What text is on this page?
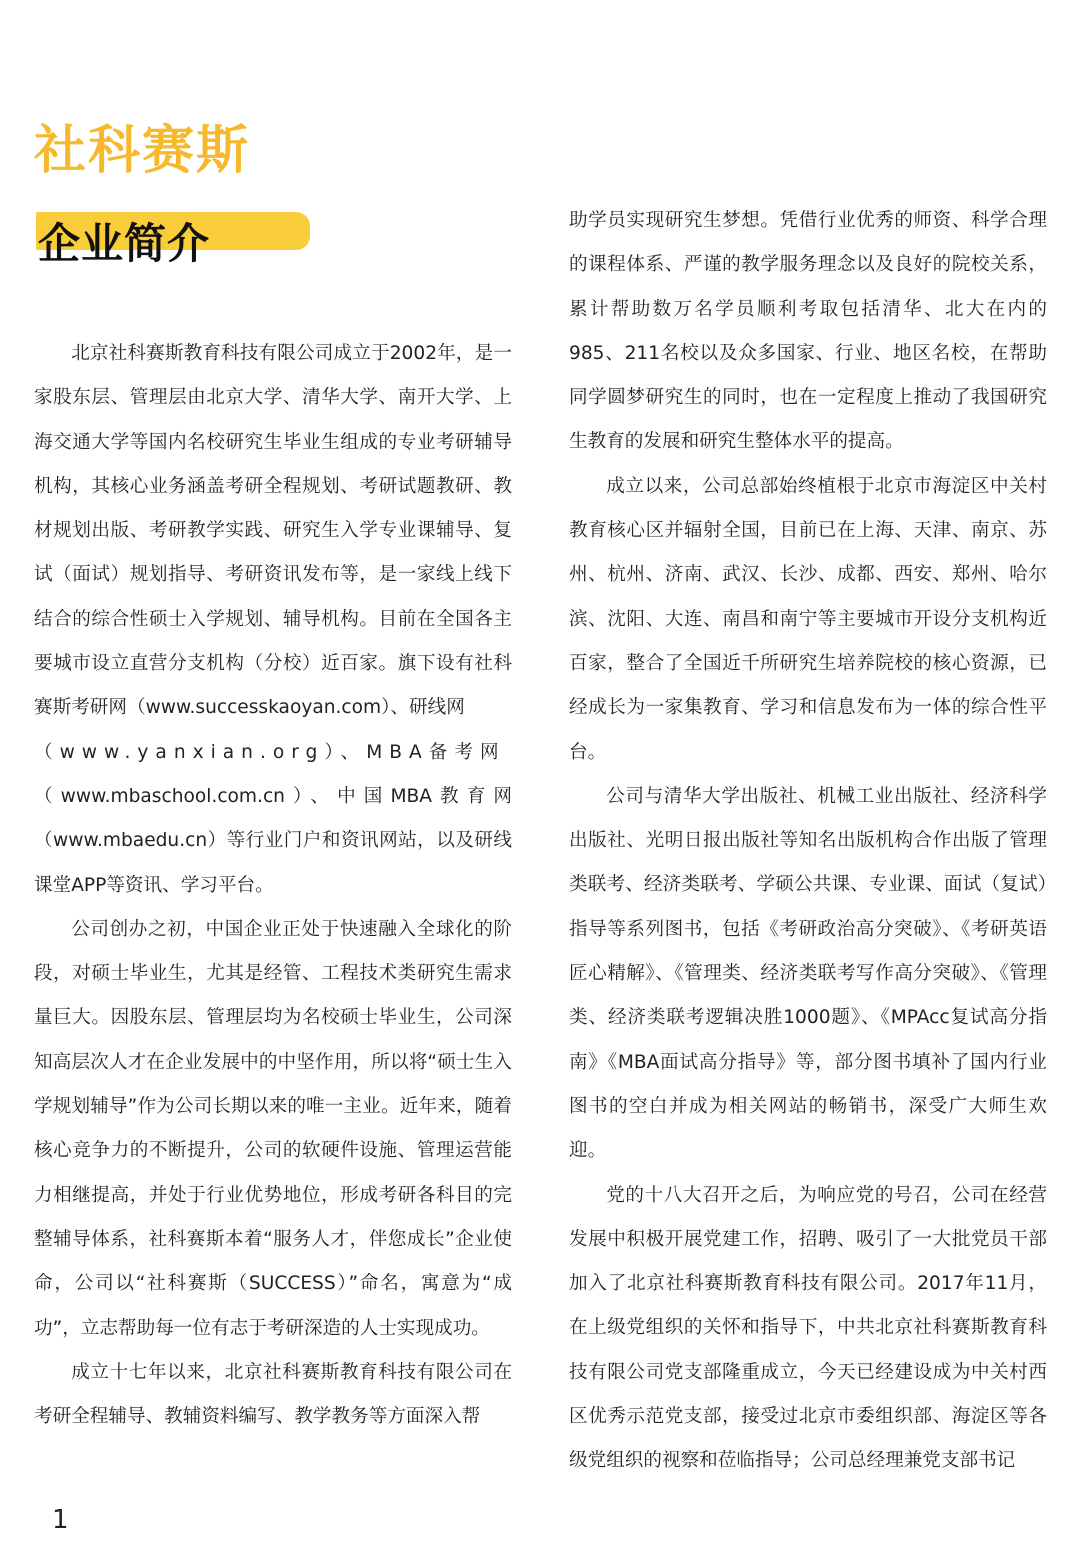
社科赛斯
企业简介

北京社科赛斯教育科技有限公司成立于2002年，是一家股东层、管理层由北京大学、清华大学、南开大学、上海交通大学等国内名校研究生毕业生组成的专业考研辅导机构，其核心业务涵盖考研全程规划、考研试题教研、教材规划出版、考研教学实践、研究生入学专业课辅导、复试（面试）规划指导、考研资讯发布等，是一家线上线下结合的综合性硕士入学规划、辅导机构。目前在全国各主要城市设立直营分支机构（分校）近百家。旗下设有社科赛斯考研网（www.successkaoyan.com）、研线网

（www.yanxian.org）、MBA备考网

（www.mbaschool.com.cn）、中国MBA教育网（www.mbaedu.cn）等行业门户和资讯网站，以及研线课堂APP等资讯、学习平台。

公司创办之初，中国企业正处于快速融入全球化的阶段，对硕士毕业生，尤其是经管、工程技术类研究生需求量巨大。因股东层、管理层均为名校硕士毕业生，公司深知高层次人才在企业发展中的中坚作用，所以将“硕士生入学规划辅导”作为公司长期以来的唯一主业。近年来，随着核心竞争力的不断提升，公司的软硬件设施、管理运营能力相继提高，并处于行业优势地位，形成考研各科目的完整辅导体系，社科赛斯本着“服务人才，伴您成长”企业使命，公司以“社科赛斯（SUCCESS）”命名，寓意为“成功”，立志帮助每一位有志于考研深造的人士实现成功。

成立十七年以来，北京社科赛斯教育科技有限公司在考研全程辅导、教辅资料编写、教学教务等方面深入帮

助学员实现研究生梦想。凭借行业优秀的师资、科学合理的课程体系、严谨的教学服务理念以及良好的院校关系，累计帮助数万名学员顺利考取包括清华、北大在内的985、211名校以及众多国家、行业、地区名校，在帮助同学圆梦研究生的同时，也在一定程度上推动了我国研究生教育的发展和研究生整体水平的提高。

成立以来，公司总部始终植根于北京市海淀区中关村教育核心区并辐射全国，目前已在上海、天津、南京、苏州、杭州、济南、武汉、长沙、成都、西安、郑州、哈尔滨、沈阳、大连、南昌和南宁等主要城市开设分支机构近百家，整合了全国近千所研究生培养院校的核心资源，已经成长为一家集教育、学习和信息发布为一体的综合性平台。

公司与清华大学出版社、机械工业出版社、经济科学出版社、光明日报出版社等知名出版机构合作出版了管理类联考、经济类联考、学硕公共课、专业课、面试（复试）指导等系列图书，包括《考研政治高分突破》、《考研英语匠心精解》、《管理类、经济类联考写作高分突破》、《管理类、经济类联考逻辑决胜1000题》、《MPAcc复试高分指南》《MBA面试高分指导》等，部分图书填补了国内行业图书的空白并成为相关网站的畅销书，深受广大师生欢迎。

党的十八大召开之后，为响应党的号召，公司在经营发展中积极开展党建工作，招聘、吸引了一大批党员干部加入了北京社科赛斯教育科技有限公司。2017年11月，在上级党组织的关怀和指导下，中共北京社科赛斯教育科技有限公司党支部隆重成立，今天已经建设成为中关村西区优秀示范党支部，接受过北京市委组织部、海淀区等各级党组织的视察和莅临指导；公司总经理兼党支部书记

1
